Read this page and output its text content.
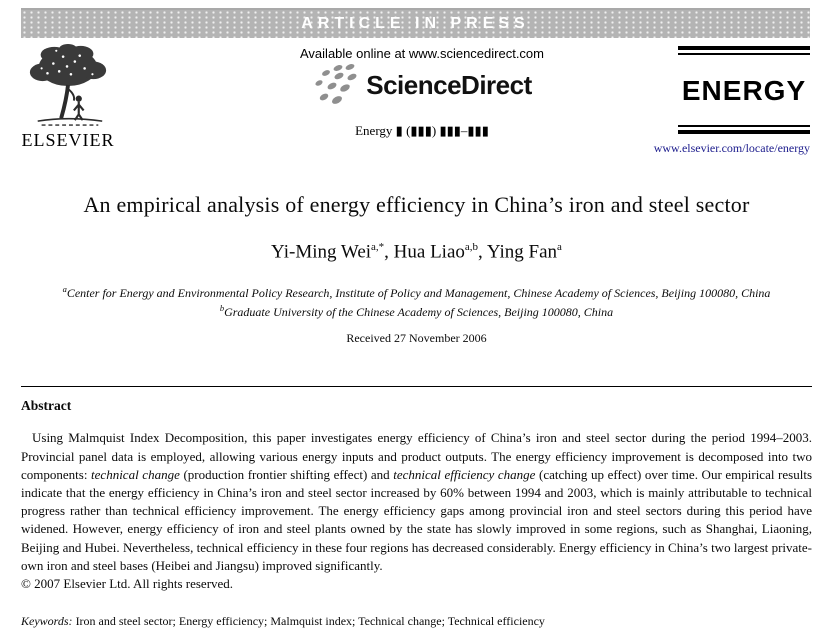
ARTICLE IN PRESS
ELSEVIER
Available online at www.sciencedirect.com
ScienceDirect
Energy ▮ (▮▮▮) ▮▮▮–▮▮▮
ENERGY
www.elsevier.com/locate/energy
An empirical analysis of energy efficiency in China’s iron and steel sector
Yi-Ming Wei$^{a,*}$, Hua Liao$^{a,b}$, Ying Fan$^a$
$^a$Center for Energy and Environmental Policy Research, Institute of Policy and Management, Chinese Academy of Sciences, Beijing 100080, China
$^b$Graduate University of the Chinese Academy of Sciences, Beijing 100080, China
Received 27 November 2006
Abstract

Using Malmquist Index Decomposition, this paper investigates energy efficiency of China’s iron and steel sector during the period 1994–2003. Provincial panel data is employed, allowing various energy inputs and product outputs. The energy efficiency improvement is decomposed into two components: technical change (production frontier shifting effect) and technical efficiency change (catching up effect) over time. Our empirical results indicate that the energy efficiency in China’s iron and steel sector increased by 60% between 1994 and 2003, which is mainly attributable to technical progress rather than technical efficiency improvement. The energy efficiency gaps among provincial iron and steel sectors during this period have widened. However, energy efficiency of iron and steel plants owned by the state has slowly improved in some regions, such as Shanghai, Liaoning, Beijing and Hubei. Nevertheless, technical efficiency in these four regions has decreased considerably. Energy efficiency in China’s two largest private-own iron and steel bases (Heibei and Jiangsu) improved significantly.

© 2007 Elsevier Ltd. All rights reserved.
Keywords: Iron and steel sector; Energy efficiency; Malmquist index; Technical change; Technical efficiency
